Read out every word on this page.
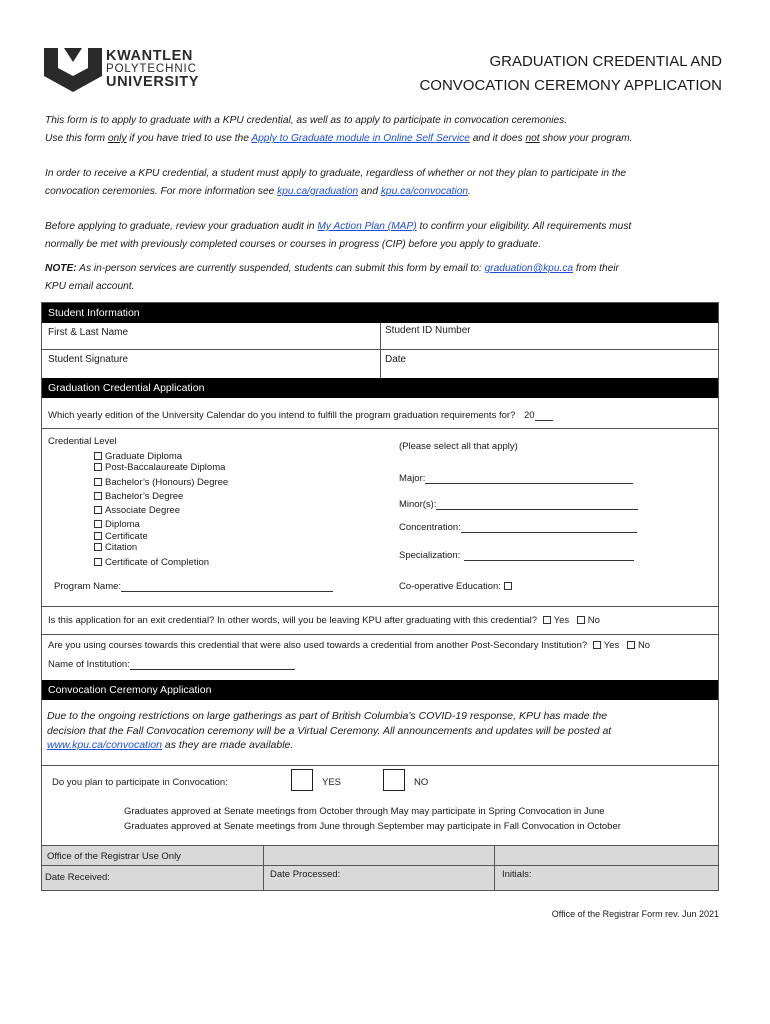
KWANTLEN
POLYTECHNIC
UNIVERSITY
GRADUATION CREDENTIAL AND
CONVOCATION CEREMONY APPLICATION
This form is to apply to graduate with a KPU credential, as well as to apply to participate in convocation ceremonies.
Use this form only if you have tried to use the Apply to Graduate module in Online Self Service and it does not show your program.
In order to receive a KPU credential, a student must apply to graduate, regardless of whether or not they plan to participate in the
convocation ceremonies. For more information see kpu.ca/graduation and kpu.ca/convocation.
Before applying to graduate, review your graduation audit in My Action Plan (MAP) to confirm your eligibility. All requirements must
normally be met with previously completed courses or courses in progress (CIP) before you apply to graduate.
NOTE: As in-person services are currently suspended, students can submit this form by email to: graduation@kpu.ca from their
KPU email account.
Student Information
First & Last Name	Student ID Number
Student Signature	Date
Graduation Credential Application
Which yearly edition of the University Calendar do you intend to fulfill the program graduation requirements for? 20
Credential Level
Graduate Diploma
Post-Baccalaureate Diploma
Bachelor’s (Honours) Degree
Bachelor’s Degree
Associate Degree
Diploma
Certificate
Citation
Certificate of Completion
(Please select all that apply)
Major:
Minor(s):
Concentration:
Specialization:
Co-operative Education:
Program Name:
Is this application for an exit credential? In other words, will you be leaving KPU after graduating with this credential? Yes No
Are you using courses towards this credential that were also used towards a credential from another Post-Secondary Institution? Yes No
Name of Institution:
Convocation Ceremony Application
Due to the ongoing restrictions on large gatherings as part of British Columbia’s COVID-19 response, KPU has made the
decision that the Fall Convocation ceremony will be a Virtual Ceremony. All announcements and updates will be posted at
www.kpu.ca/convocation as they are made available.
Do you plan to participate in Convocation:	YES	NO
Graduates approved at Senate meetings from October through May may participate in Spring Convocation in June
Graduates approved at Senate meetings from June through September may participate in Fall Convocation in October
Office of the Registrar Use Only
Date Received:	Date Processed:	Initials:
Office of the Registrar Form rev. Jun 2021
